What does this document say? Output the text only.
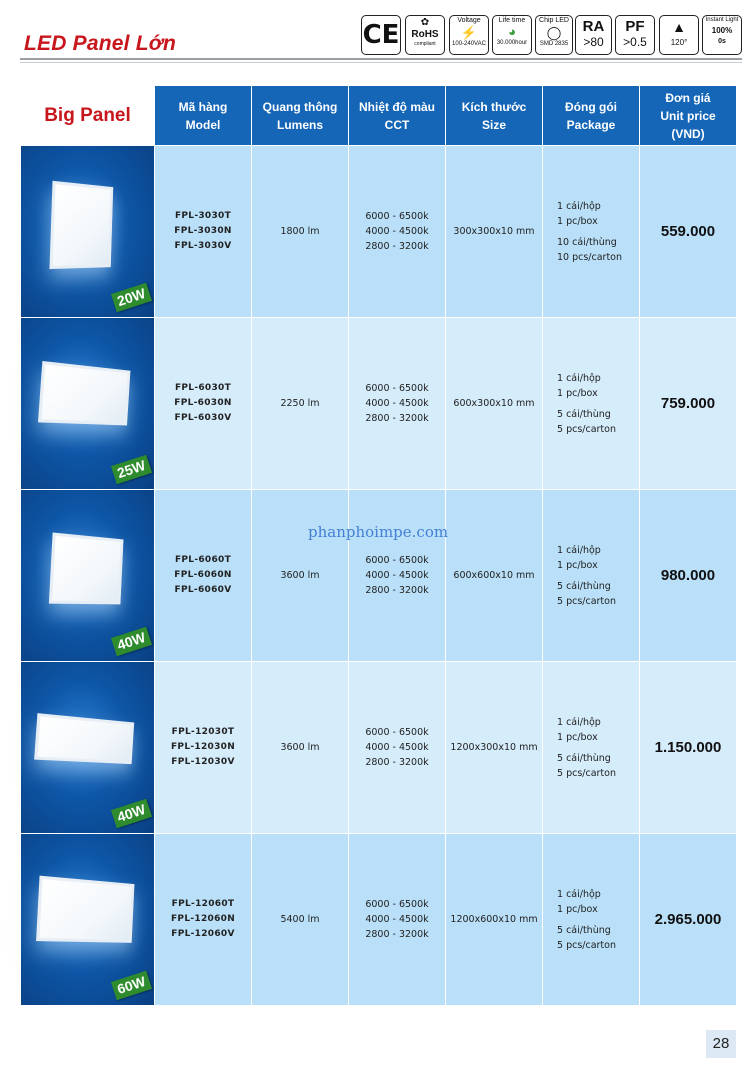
LED Panel Lớn	CE	✿
RoHS
compliant
Voltage
⚡
100-240VAC
Life time
◕
30.000hour
Chip LED
◯
SMD 2835
RA
>80
PF
>0.5
▲
120°
Instant Light
100%
0s
Big Panel	Mã hàng
Model	Quang thông
Lumens	Nhiệt độ màu
CCT	Kích thước
Size	Đóng gói
Package	Đơn giá
Unit price
(VND)

20W	FPL-3030T
FPL-3030N
FPL-3030V	1800 lm	6000 - 6500k
4000 - 4500k
2800 - 3200k	300x300x10 mm	1 cái/hộp
1 pc/box
10 cái/thùng
10 pcs/carton	559.000

25W	FPL-6030T
FPL-6030N
FPL-6030V	2250 lm	6000 - 6500k
4000 - 4500k
2800 - 3200k	600x300x10 mm	1 cái/hộp
1 pc/box
5 cái/thùng
5 pcs/carton	759.000

40W	FPL-6060T
FPL-6060N
FPL-6060V	3600 lm	6000 - 6500k
4000 - 4500k
2800 - 3200k	600x600x10 mm	1 cái/hộp
1 pc/box
5 cái/thùng
5 pcs/carton	980.000

40W	FPL-12030T
FPL-12030N
FPL-12030V	3600 lm	6000 - 6500k
4000 - 4500k
2800 - 3200k	1200x300x10 mm	1 cái/hộp
1 pc/box
5 cái/thùng
5 pcs/carton	1.150.000

60W	FPL-12060T
FPL-12060N
FPL-12060V	5400 lm	6000 - 6500k
4000 - 4500k
2800 - 3200k	1200x600x10 mm	1 cái/hộp
1 pc/box
5 cái/thùng
5 pcs/carton	2.965.000
phanphoimpe.com
28
